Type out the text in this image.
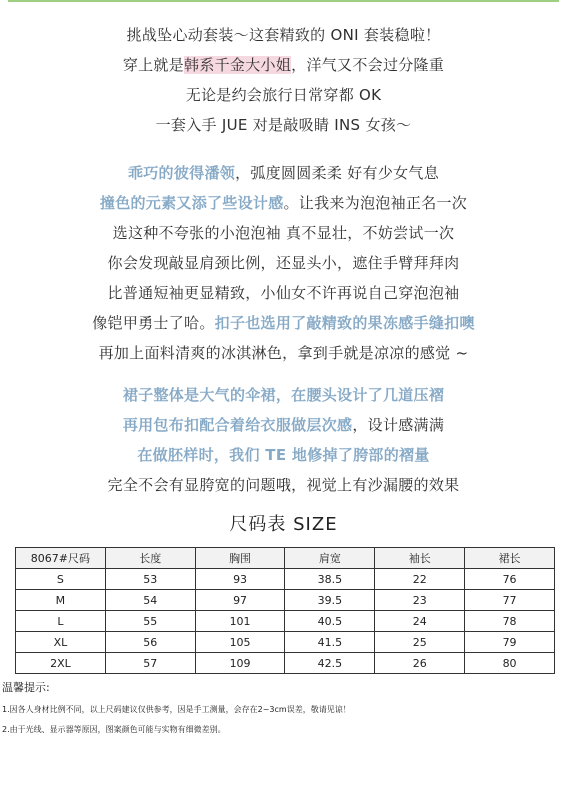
挑战坠心动套装～这套精致的 ONI 套装稳啦！
穿上就是韩系千金大小姐，洋气又不会过分隆重
无论是约会旅行日常穿都 OK
一套入手 JUE 对是敲吸睛 INS 女孩～
乖巧的彼得潘领，弧度圆圆柔柔 好有少女气息
撞色的元素又添了些设计感。让我来为泡泡袖正名一次
选这种不夸张的小泡泡袖 真不显壮，不妨尝试一次
你会发现敲显肩颈比例，还显头小，遮住手臂拜拜肉
比普通短袖更显精致，小仙女不许再说自己穿泡泡袖
像铠甲勇士了哈。扣子也选用了敲精致的果冻感手缝扣噢
再加上面料清爽的冰淇淋色，拿到手就是凉凉的感觉 ~
裙子整体是大气的伞裙，在腰头设计了几道压褶
再用包布扣配合着给衣服做层次感，设计感满满
在做胚样时，我们 TE 地修掉了胯部的褶量
完全不会有显胯宽的问题哦，视觉上有沙漏腰的效果
尺码表 SIZE
8067#尺码	长度	胸围	肩宽	袖长	裙长
S	53	93	38.5	22	76
M	54	97	39.5	23	77
L	55	101	40.5	24	78
XL	56	105	41.5	25	79
2XL	57	109	42.5	26	80
温馨提示:
1.因各人身材比例不同，以上尺码建议仅供参考，因是手工测量，会存在2~3cm误差，敬请见谅！
2.由于光线、显示器等原因，图案颜色可能与实物有细微差别。
